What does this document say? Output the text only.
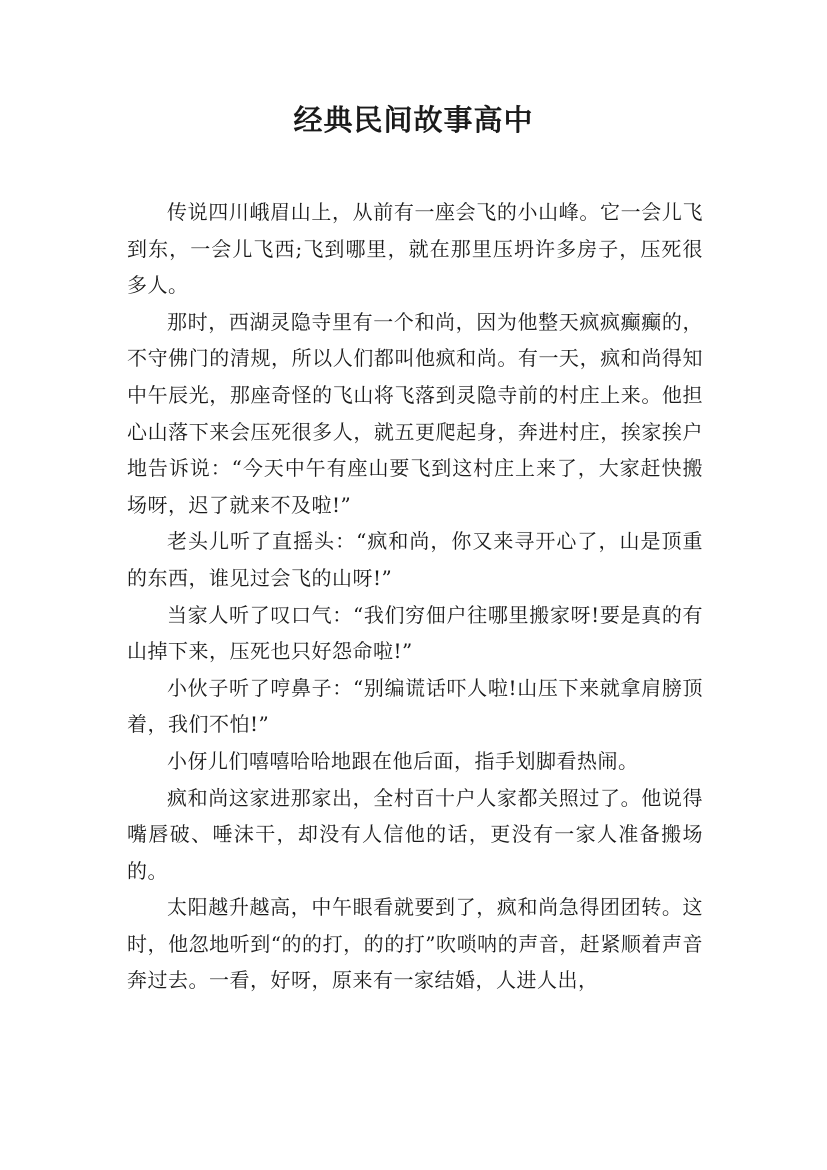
经典民间故事高中

传说四川峨眉山上，从前有一座会飞的小山峰。它一会儿飞到东，一会儿飞西;飞到哪里，就在那里压坍许多房子，压死很多人。

那时，西湖灵隐寺里有一个和尚，因为他整天疯疯癫癫的，不守佛门的清规，所以人们都叫他疯和尚。有一天，疯和尚得知中午辰光，那座奇怪的飞山将飞落到灵隐寺前的村庄上来。他担心山落下来会压死很多人，就五更爬起身，奔进村庄，挨家挨户地告诉说：“今天中午有座山要飞到这村庄上来了，大家赶快搬场呀，迟了就来不及啦!”

老头儿听了直摇头：“疯和尚，你又来寻开心了，山是顶重的东西，谁见过会飞的山呀!”

当家人听了叹口气：“我们穷佃户往哪里搬家呀!要是真的有山掉下来，压死也只好怨命啦!”

小伙子听了哼鼻子：“别编谎话吓人啦!山压下来就拿肩膀顶着，我们不怕!”

小伢儿们嘻嘻哈哈地跟在他后面，指手划脚看热闹。

疯和尚这家进那家出，全村百十户人家都关照过了。他说得嘴唇破、唾沫干，却没有人信他的话，更没有一家人准备搬场的。

太阳越升越高，中午眼看就要到了，疯和尚急得团团转。这时，他忽地听到“的的打，的的打”吹唢呐的声音，赶紧顺着声音奔过去。一看，好呀，原来有一家结婚，人进人出，
